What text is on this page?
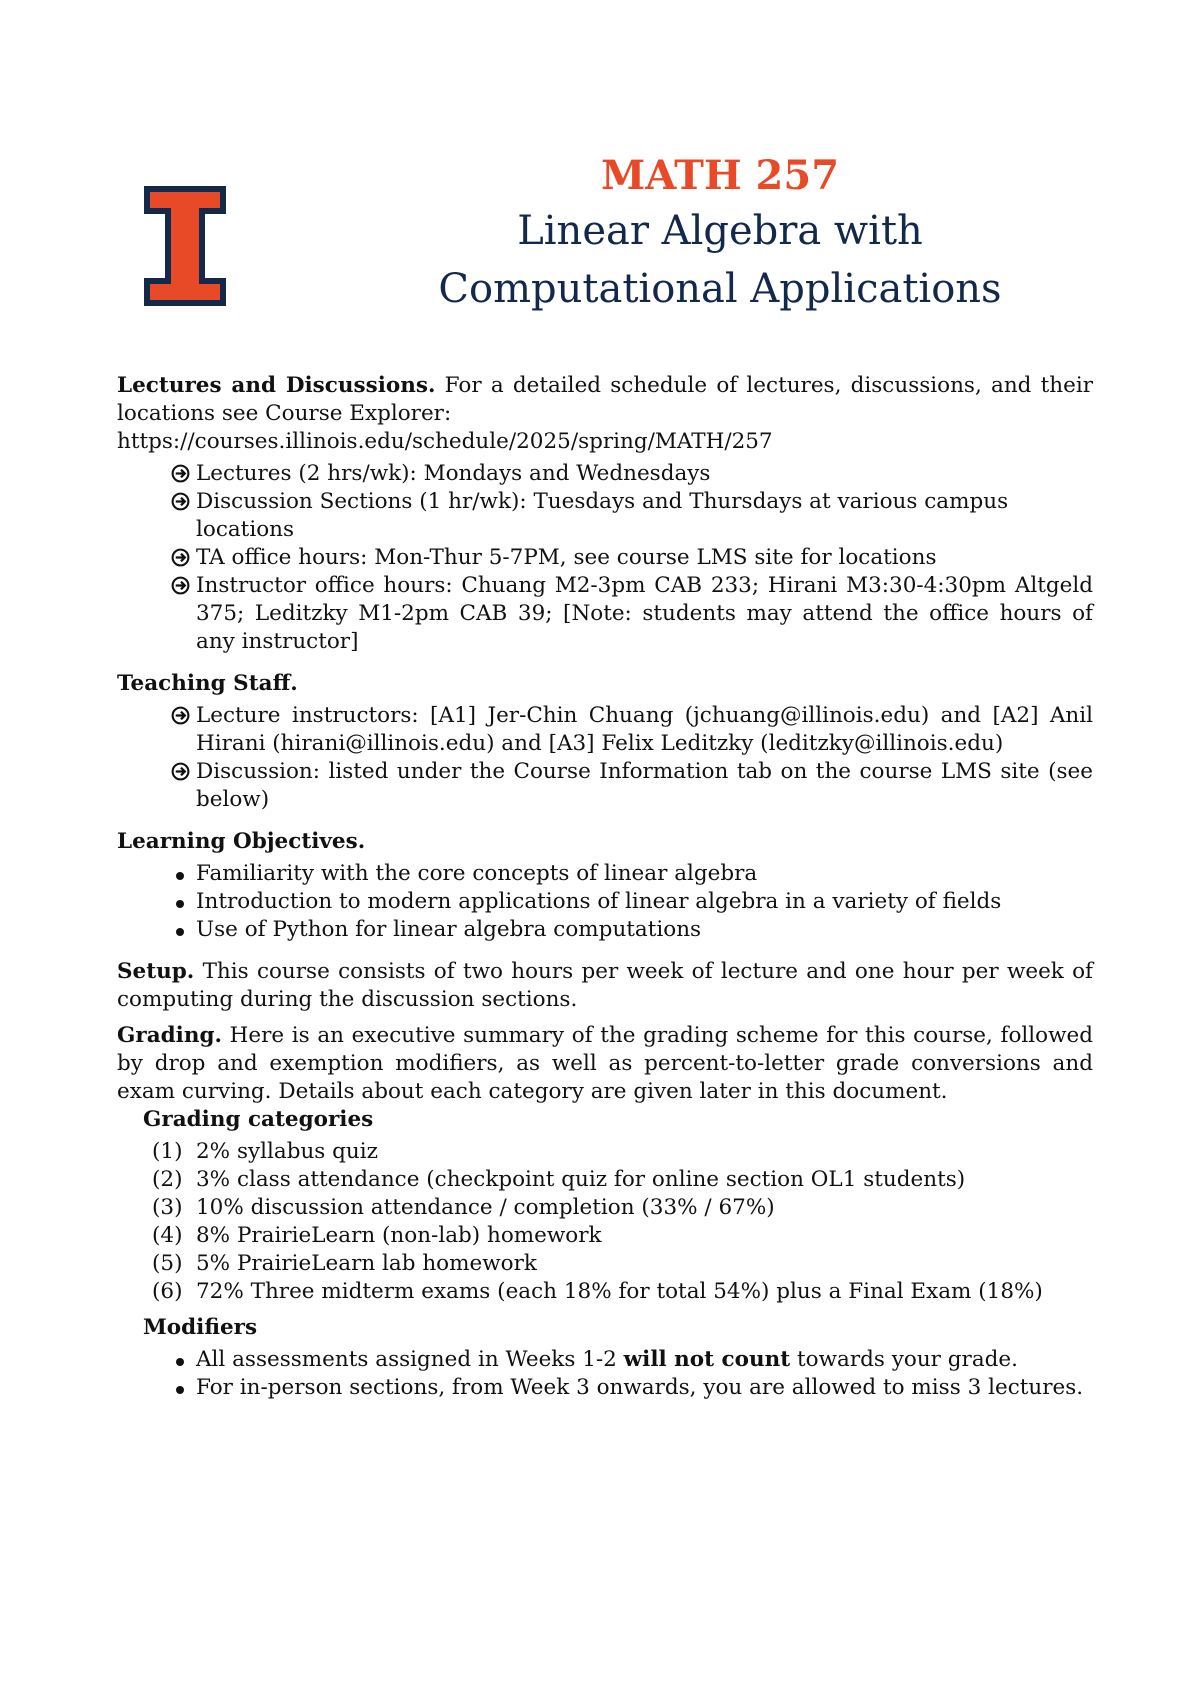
MATH 257

Linear Algebra with

Computational Applications

Lectures and Discussions. For a detailed schedule of lectures, discussions, and their locations see Course Explorer:

https://courses.illinois.edu/schedule/2025/spring/MATH/257

Lectures (2 hrs/wk): Mondays and Wednesdays
Discussion Sections (1 hr/wk): Tuesdays and Thursdays at various campus locations
TA office hours: Mon-Thur 5-7PM, see course LMS site for locations
Instructor office hours: Chuang M2-3pm CAB 233; Hirani M3:30-4:30pm Altgeld 375; Leditzky M1-2pm CAB 39; [Note: students may attend the office hours of any instructor]

Teaching Staff.

Lecture instructors: [A1] Jer-Chin Chuang (jchuang@illinois.edu) and [A2] Anil Hirani (hirani@illinois.edu) and [A3] Felix Leditzky (leditzky@illinois.edu)
Discussion: listed under the Course Information tab on the course LMS site (see below)

Learning Objectives.

Familiarity with the core concepts of linear algebra
Introduction to modern applications of linear algebra in a variety of fields
Use of Python for linear algebra computations

Setup. This course consists of two hours per week of lecture and one hour per week of computing during the discussion sections.

Grading. Here is an executive summary of the grading scheme for this course, followed by drop and exemption modifiers, as well as percent-to-letter grade conversions and exam curving. Details about each category are given later in this document.

Grading categories

(1) 2% syllabus quiz
(2) 3% class attendance (checkpoint quiz for online section OL1 students)
(3) 10% discussion attendance / completion (33% / 67%)
(4) 8% PrairieLearn (non-lab) homework
(5) 5% PrairieLearn lab homework
(6) 72% Three midterm exams (each 18% for total 54%) plus a Final Exam (18%)

Modifiers

All assessments assigned in Weeks 1-2 will not count towards your grade.
For in-person sections, from Week 3 onwards, you are allowed to miss 3 lectures.
